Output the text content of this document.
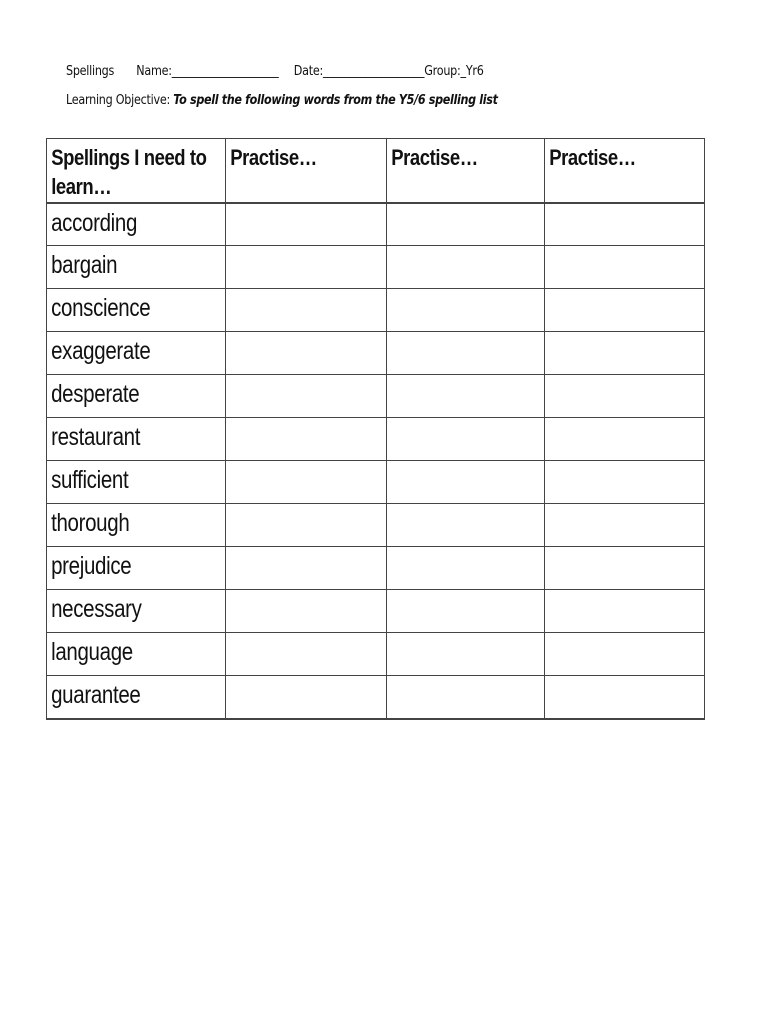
Spellings Name:____________________ Date:___________________Group:_Yr6
Learning Objective: To spell the following words from the Y5/6 spelling list
Spellings I need to
learn…	Practise…	Practise…	Practise…

according			

bargain			

conscience			

exaggerate			

desperate			

restaurant			

sufficient			

thorough			

prejudice			

necessary			

language			

guarantee			
